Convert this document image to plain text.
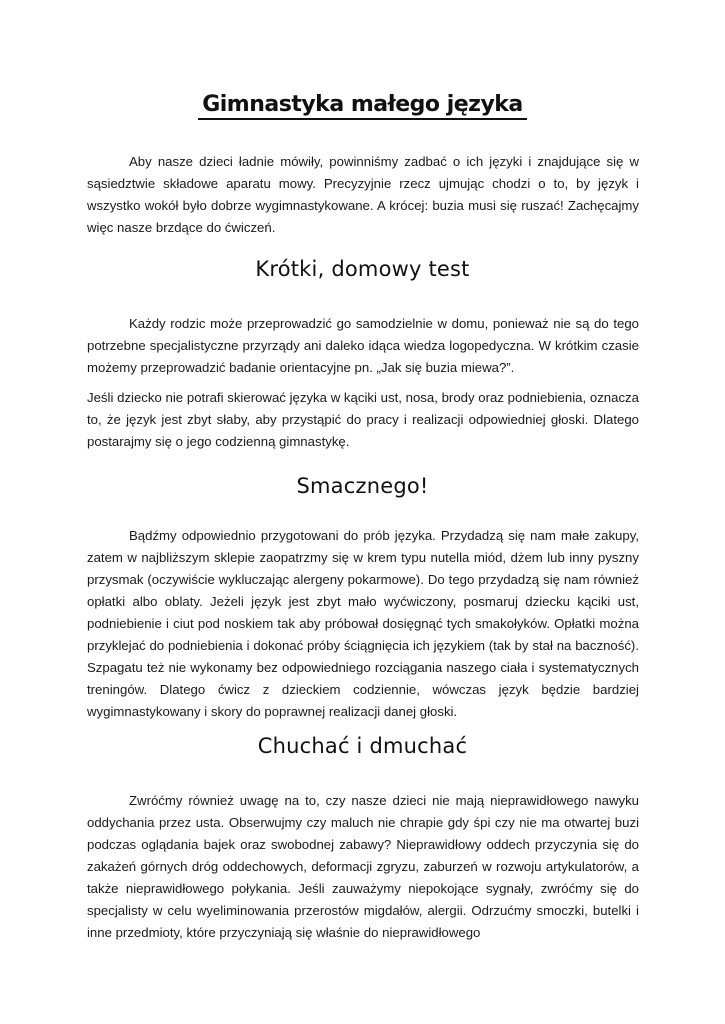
Gimnastyka małego języka

Aby nasze dzieci ładnie mówiły, powinniśmy zadbać o ich języki i znajdujące się w sąsiedztwie składowe aparatu mowy. Precyzyjnie rzecz ujmując chodzi o to, by język i wszystko wokół było dobrze wygimnastykowane. A krócej: buzia musi się ruszać! Zachęcajmy więc nasze brzdące do ćwiczeń.

Krótki, domowy test

Każdy rodzic może przeprowadzić go samodzielnie w domu, ponieważ nie są do tego potrzebne specjalistyczne przyrządy ani daleko idąca wiedza logopedyczna. W krótkim czasie możemy przeprowadzić badanie orientacyjne pn. „Jak się buzia miewa?”.

Jeśli dziecko nie potrafi skierować języka w kąciki ust, nosa, brody oraz podniebienia, oznacza to, że język jest zbyt słaby, aby przystąpić do pracy i realizacji odpowiedniej głoski. Dlatego postarajmy się o jego codzienną gimnastykę.

Smacznego!

Bądźmy odpowiednio przygotowani do prób języka. Przydadzą się nam małe zakupy, zatem w najbliższym sklepie zaopatrzmy się w krem typu nutella miód, dżem lub inny pyszny przysmak (oczywiście wykluczając alergeny pokarmowe). Do tego przydadzą się nam również opłatki albo oblaty. Jeżeli język jest zbyt mało wyćwiczony, posmaruj dziecku kąciki ust, podniebienie i ciut pod noskiem tak aby próbował dosięgnąć tych smakołyków. Opłatki można przyklejać do podniebienia i dokonać próby ściągnięcia ich językiem (tak by stał na baczność). Szpagatu też nie wykonamy bez odpowiedniego rozciągania naszego ciała i systematycznych treningów. Dlatego ćwicz z dzieckiem codziennie, wówczas język będzie bardziej wygimnastykowany i skory do poprawnej realizacji danej głoski.

Chuchać i dmuchać

Zwróćmy również uwagę na to, czy nasze dzieci nie mają nieprawidłowego nawyku oddychania przez usta. Obserwujmy czy maluch nie chrapie gdy śpi czy nie ma otwartej buzi podczas oglądania bajek oraz swobodnej zabawy? Nieprawidłowy oddech przyczynia się do zakażeń górnych dróg oddechowych, deformacji zgryzu, zaburzeń w rozwoju artykulatorów, a także nieprawidłowego połykania. Jeśli zauważymy niepokojące sygnały, zwróćmy się do specjalisty w celu wyeliminowania przerostów migdałów, alergii. Odrzućmy smoczki, butelki i inne przedmioty, które przyczyniają się właśnie do nieprawidłowego
